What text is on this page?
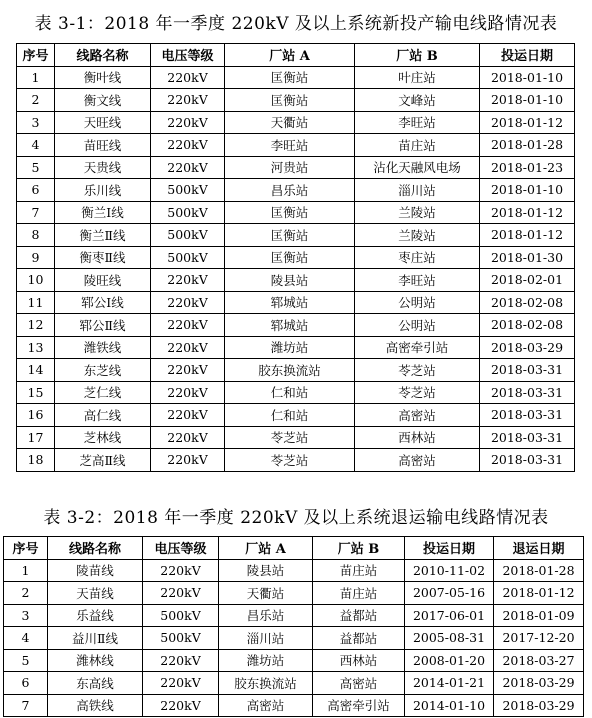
表 3-1：2018 年一季度 220kV 及以上系统新投产输电线路情况表
序号	线路名称	电压等级	厂站 A	厂站 B	投运日期
1	衡叶线	220kV	匡衡站	叶庄站	2018-01-10
2	衡文线	220kV	匡衡站	文峰站	2018-01-10
3	天旺线	220kV	天衢站	李旺站	2018-01-12
4	苗旺线	220kV	李旺站	苗庄站	2018-01-28
5	天贵线	220kV	河贵站	沾化天融风电场	2018-01-23
6	乐川线	500kV	昌乐站	淄川站	2018-01-10
7	衡兰Ⅰ线	500kV	匡衡站	兰陵站	2018-01-12
8	衡兰Ⅱ线	500kV	匡衡站	兰陵站	2018-01-12
9	衡枣Ⅱ线	500kV	匡衡站	枣庄站	2018-01-30
10	陵旺线	220kV	陵县站	李旺站	2018-02-01
11	郓公Ⅰ线	220kV	郓城站	公明站	2018-02-08
12	郓公Ⅱ线	220kV	郓城站	公明站	2018-02-08
13	潍铁线	220kV	潍坊站	高密牵引站	2018-03-29
14	东芝线	220kV	胶东换流站	苓芝站	2018-03-31
15	芝仁线	220kV	仁和站	苓芝站	2018-03-31
16	高仁线	220kV	仁和站	高密站	2018-03-31
17	芝林线	220kV	苓芝站	西林站	2018-03-31
18	芝高Ⅱ线	220kV	苓芝站	高密站	2018-03-31
表 3-2：2018 年一季度 220kV 及以上系统退运输电线路情况表
序号	线路名称	电压等级	厂站 A	厂站 B	投运日期	退运日期
1	陵苗线	220kV	陵县站	苗庄站	2010-11-02	2018-01-28
2	天苗线	220kV	天衢站	苗庄站	2007-05-16	2018-01-12
3	乐益线	500kV	昌乐站	益都站	2017-06-01	2018-01-09
4	益川Ⅱ线	500kV	淄川站	益都站	2005-08-31	2017-12-20
5	潍林线	220kV	潍坊站	西林站	2008-01-20	2018-03-27
6	东高线	220kV	胶东换流站	高密站	2014-01-21	2018-03-29
7	高铁线	220kV	高密站	高密牵引站	2014-01-10	2018-03-29
